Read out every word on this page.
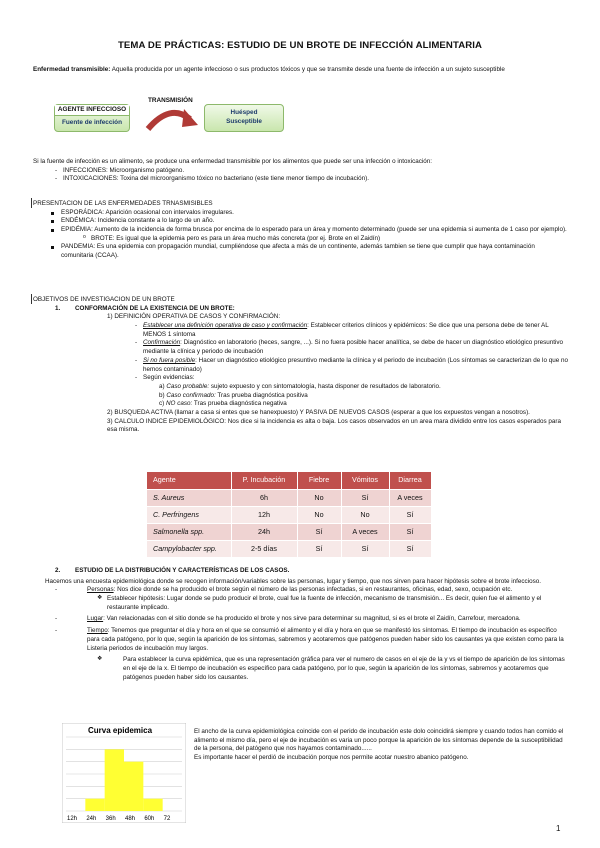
TEMA DE PRÁCTICAS: ESTUDIO DE UN BROTE DE INFECCIÓN ALIMENTARIA

Enfermedad transmisible: Aquella producida por un agente infeccioso o sus productos tóxicos y que se transmite desde una fuente de infección a un sujeto susceptible

AGENTE INFECCIOSO
Fuente de infección
TRANSMISIÓN
Huésped
Susceptible

Si la fuente de infección es un alimento, se produce una enfermedad transmisible por los alimentos que puede ser una infección o intoxicación:

- INFECCIONES: Microorganismo patógeno.

- INTOXICACIONES: Toxina del microorganismo tóxico no bacteriano (este tiene menor tiempo de incubación).

PRESENTACION DE LAS ENFERMEDADES TRNASMISIBLES

ESPORÁDICA: Aparición ocasional con intervalos irregulares.

ENDÉMICA: Incidencia constante a lo largo de un año.

EPIDÉMIA: Aumento de la incidencia de forma brusca por encima de lo esperado para un área y momento determinado (puede ser una epidemia si aumenta de 1 caso por ejemplo).

o BROTE: Es igual que la epidemia pero es para un área mucho más concreta (por ej. Brote en el Zaidín)

PANDEMIA: Es una epidemia con propagación mundial, cumpliéndose que afecta a más de un continente, además tambien se tiene que cumplir que haya contaminación comunitaria (CCAA).

OBJETIVOS DE INVESTIGACION DE UN BROTE

1. CONFORMACIÓN DE LA EXISTENCIA DE UN BROTE:

1) DEFINICIÓN OPERATIVA DE CASOS Y CONFIRMACIÓN:

- Establecer una definición operativa de caso y confirmación: Establecer criterios clínicos y epidémicos: Se dice que una persona debe de tener AL MENOS 1 síntoma

- Confirmación: Diagnóstico en laboratorio (heces, sangre, ...). Si no fuera posible hacer analítica, se debe de hacer un diagnóstico etiológico presuntivo mediante la clínica y periodo de incubación

- Si no fuera posible: Hacer un diagnóstico etiológico presuntivo mediante la clínica y el periodo de incubación (Los síntomas se caracterizan de lo que no hemos contaminado)

- Según evidencias:

a) Caso probable: sujeto expuesto y con sintomatología, hasta disponer de resultados de laboratorio.

b) Caso confirmado: Tras prueba diagnóstica positiva

c) NO caso: Tras prueba diagnóstica negativa

2) BUSQUEDA ACTIVA (llamar a casa si entes que se hanexpuesto) Y PASIVA DE NUEVOS CASOS (esperar a que los expuestos vengan a nosotros).

3) CALCULO INDICE EPIDEMIOLÓGICO: Nos dice si la incidencia es alta o baja. Los casos observados en un area mara dividido entre los casos esperados para esa misma.

Agente	P. Incubación	Fiebre	Vómitos	Diarrea
S. Aureus	6h	No	Sí	A veces
C. Perfringens	12h	No	No	Sí
Salmonella spp.	24h	Sí	A veces	Sí
Campylobacter spp.	2-5 días	Sí	Sí	Sí

2. ESTUDIO DE LA DISTRIBUCIÓN Y CARACTERÍSTICAS DE LOS CASOS.

Hacemos una encuesta epidemiológica donde se recogen información/variables sobre las personas, lugar y tiempo, que nos sirven para hacer hipótesis sobre el brote infeccioso.

- Personas: Nos dice donde se ha producido el brote según el número de las personas infectadas, si en restaurantes, oficinas, edad, sexo, ocupación etc.

❖ Establecer hipótesis: Lugar donde se pudo producir el brote, cual fue la fuente de infección, mecanismo de transmisión... Es decir, quien fue el alimento y el restaurante implicado.

- Lugar: Van relacionadas con el sitio donde se ha producido el brote y nos sirve para determinar su magnitud, si es el brote el Zaidín, Carrefour, mercadona.

- Tiempo: Tenemos que preguntar el día y hora en el que se consumió el alimento y el día y hora en que se manifestó los síntomas. El tiempo de incubación es específico para cada patógeno, por lo que, según la aparición de los síntomas, sabremos y acotaremos que patógenos pueden haber sido los causantes ya que existen como para la Listeria periodos de incubación muy largos.

❖ Para establecer la curva epidémica, que es una representación gráfica para ver el numero de casos en el eje de la y vs el tiempo de aparición de los síntomas en el eje de la x. El tiempo de incubación es específico para cada patógeno, por lo que, según la aparición de los síntomas, sabremos y acotaremos que patógenos pueden haber sido los causantes.

Curva epidemica
12h 24h 36h 48h 60h 72

El ancho de la curva epidemiológica coincide con el perido de incubación este dolo coincidirá siempre y cuando todos han comido el alimento el mismo día, pero el eje de incubación es varia un poco porque la aparición de los síntomas depende de la susceptibilidad de la persona, del patógeno que nos hayamos contaminado......

Es importante hacer el perdió de incubación porque nos permite acotar nuestro abanico patógeno.

1
